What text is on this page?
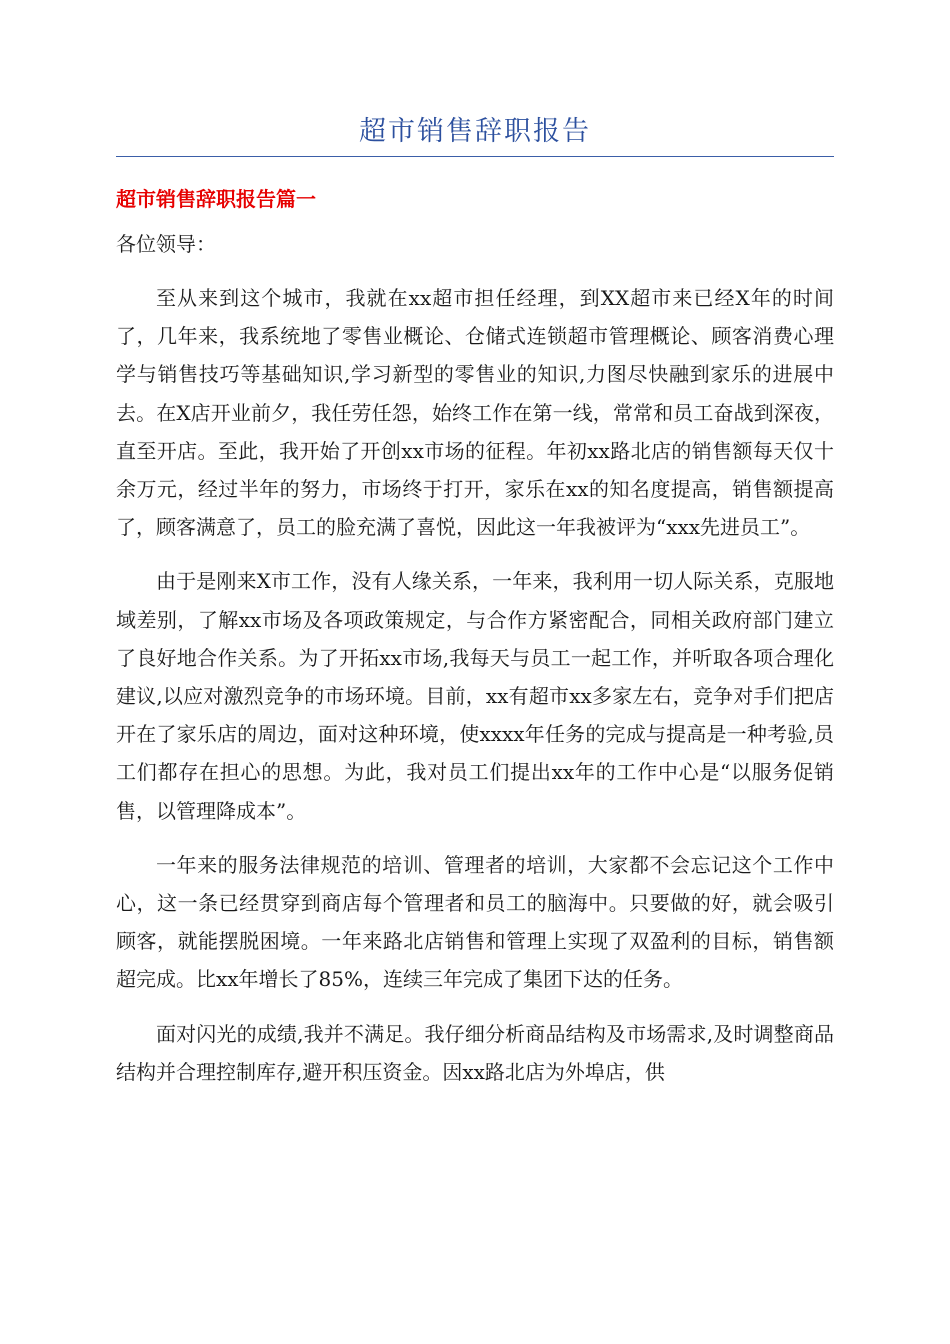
超市销售辞职报告
超市销售辞职报告篇一

各位领导：

至从来到这个城市，我就在xx超市担任经理，到XX超市来已经X年的时间了，几年来，我系统地了零售业概论、仓储式连锁超市管理概论、顾客消费心理学与销售技巧等基础知识,学习新型的零售业的知识,力图尽快融到家乐的进展中去。在X店开业前夕，我任劳任怨，始终工作在第一线，常常和员工奋战到深夜，直至开店。至此，我开始了开创xx市场的征程。年初xx路北店的销售额每天仅十余万元，经过半年的努力，市场终于打开，家乐在xx的知名度提高，销售额提高了，顾客满意了，员工的脸充满了喜悦，因此这一年我被评为“xxx先进员工”。

由于是刚来X市工作，没有人缘关系，一年来，我利用一切人际关系，克服地域差别，了解xx市场及各项政策规定，与合作方紧密配合，同相关政府部门建立了良好地合作关系。为了开拓xx市场,我每天与员工一起工作，并听取各项合理化建议,以应对激烈竞争的市场环境。目前，xx有超市xx多家左右，竞争对手们把店开在了家乐店的周边，面对这种环境，使xxxx年任务的完成与提高是一种考验,员工们都存在担心的思想。为此，我对员工们提出xx年的工作中心是“以服务促销售，以管理降成本”。

一年来的服务法律规范的培训、管理者的培训，大家都不会忘记这个工作中心，这一条已经贯穿到商店每个管理者和员工的脑海中。只要做的好，就会吸引顾客，就能摆脱困境。一年来路北店销售和管理上实现了双盈利的目标，销售额超完成。比xx年增长了85%，连续三年完成了集团下达的任务。

面对闪光的成绩,我并不满足。我仔细分析商品结构及市场需求,及时调整商品结构并合理控制库存,避开积压资金。因xx路北店为外埠店，供
